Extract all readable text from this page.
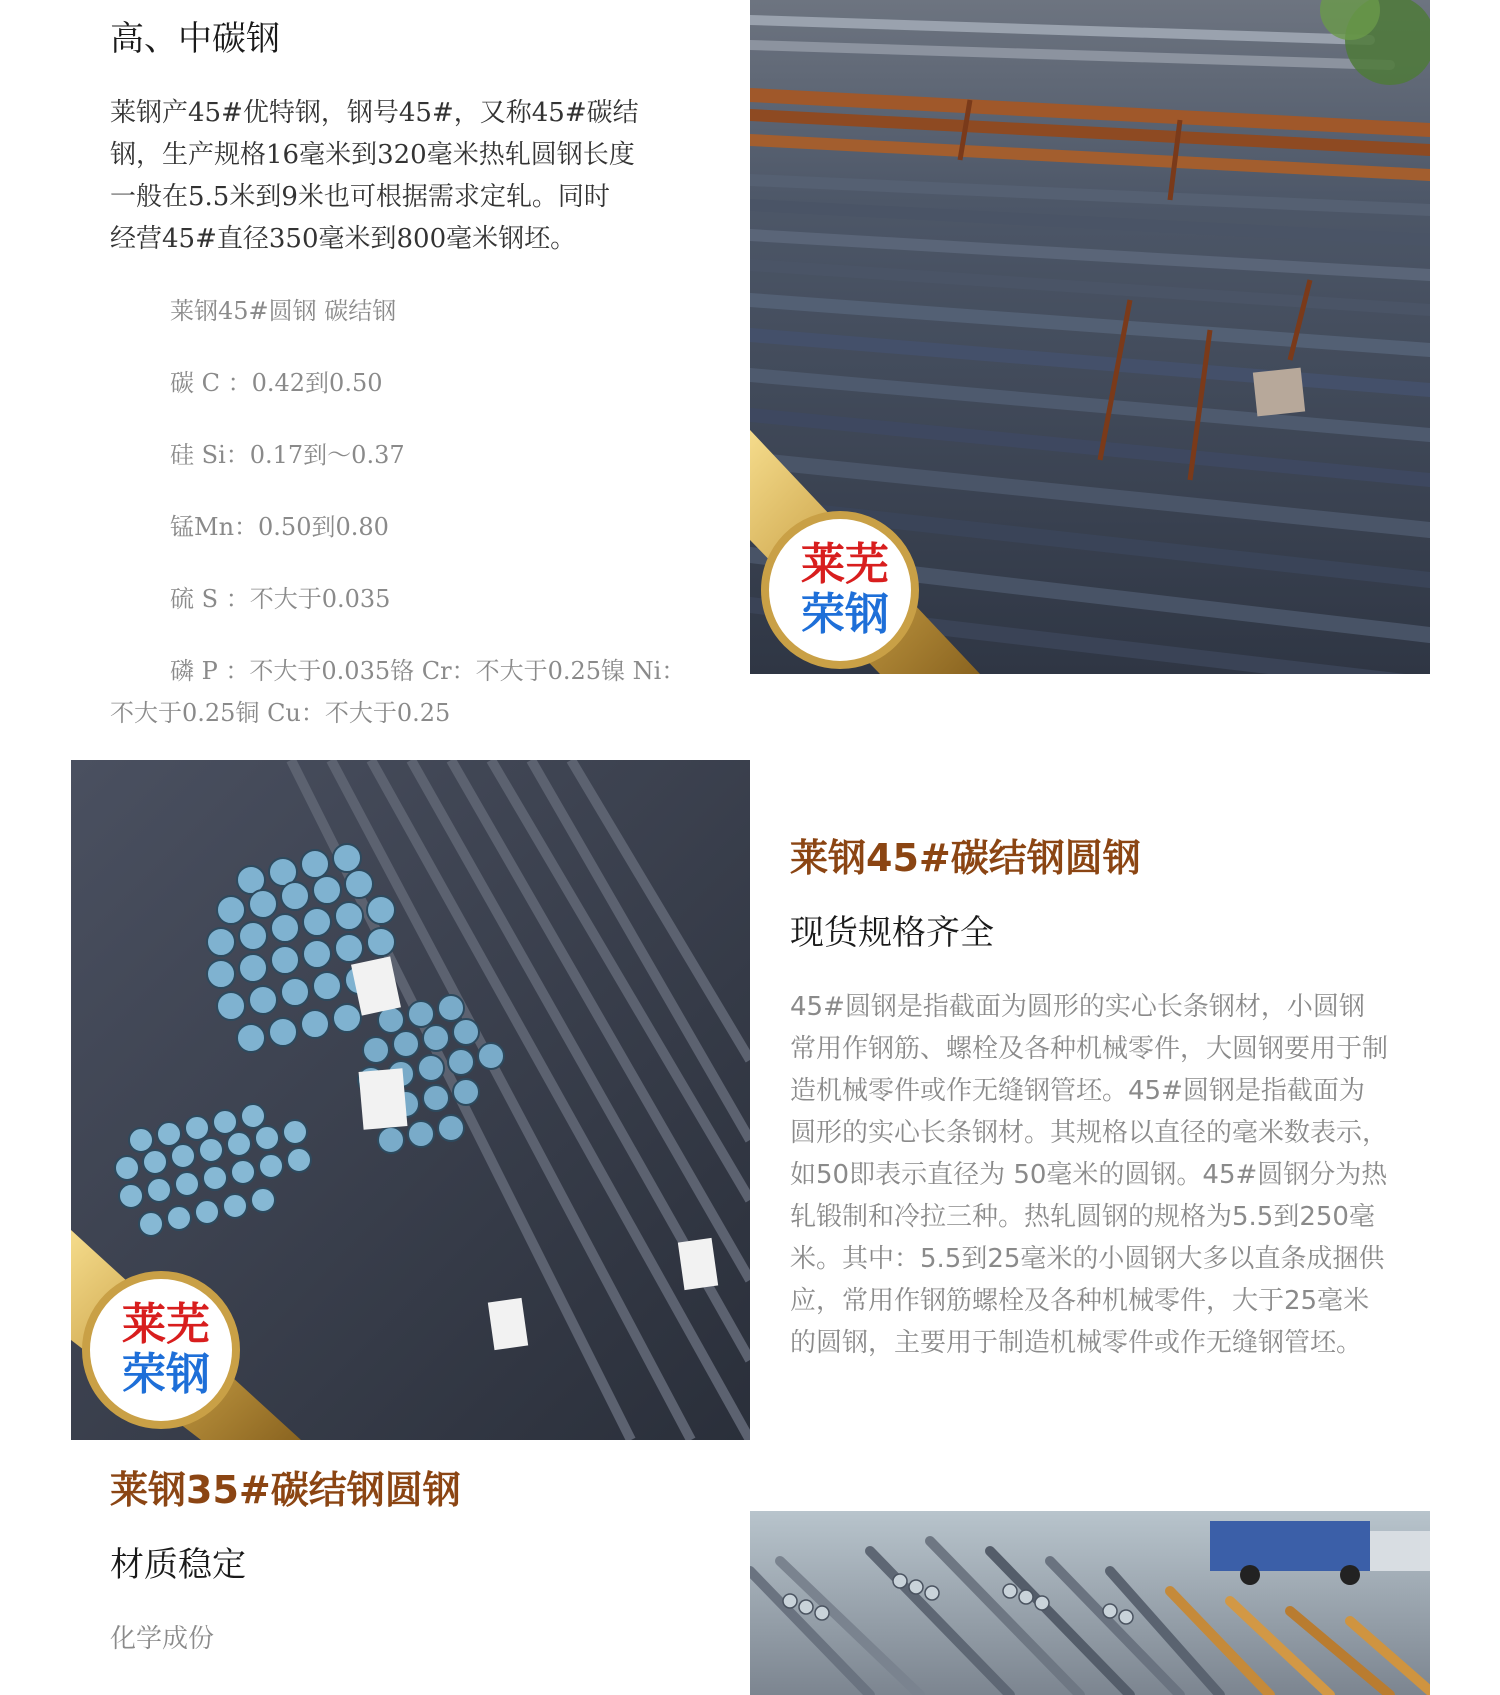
高、中碳钢
莱钢产45#优特钢，钢号45#，又称45#碳结
钢，生产规格16毫米到320毫米热轧圆钢长度
一般在5.5米到9米也可根据需求定轧。同时
经营45#直径350毫米到800毫米钢坯。
莱钢45#圆钢 碳结钢
碳 C ：0.42到0.50
硅 Si：0.17到～0.37
锰Mn：0.50到0.80
硫 S ：不大于0.035
磷 P ：不大于0.035铬 Cr：不大于0.25镍 Ni：不大于0.25铜 Cu：不大于0.25
莱芜
荣钢
莱芜
荣钢
莱钢45#碳结钢圆钢
现货规格齐全
45#圆钢是指截面为圆形的实心长条钢材，小圆钢常用作钢筋、螺栓及各种机械零件，大圆钢要用于制造机械零件或作无缝钢管坯。45#圆钢是指截面为圆形的实心长条钢材。其规格以直径的毫米数表示，如50即表示直径为 50毫米的圆钢。45#圆钢分为热轧锻制和冷拉三种。热轧圆钢的规格为5.5到250毫米。其中：5.5到25毫米的小圆钢大多以直条成捆供应，常用作钢筋螺栓及各种机械零件，大于25毫米的圆钢，主要用于制造机械零件或作无缝钢管坯。
莱钢35#碳结钢圆钢
材质稳定
化学成份
